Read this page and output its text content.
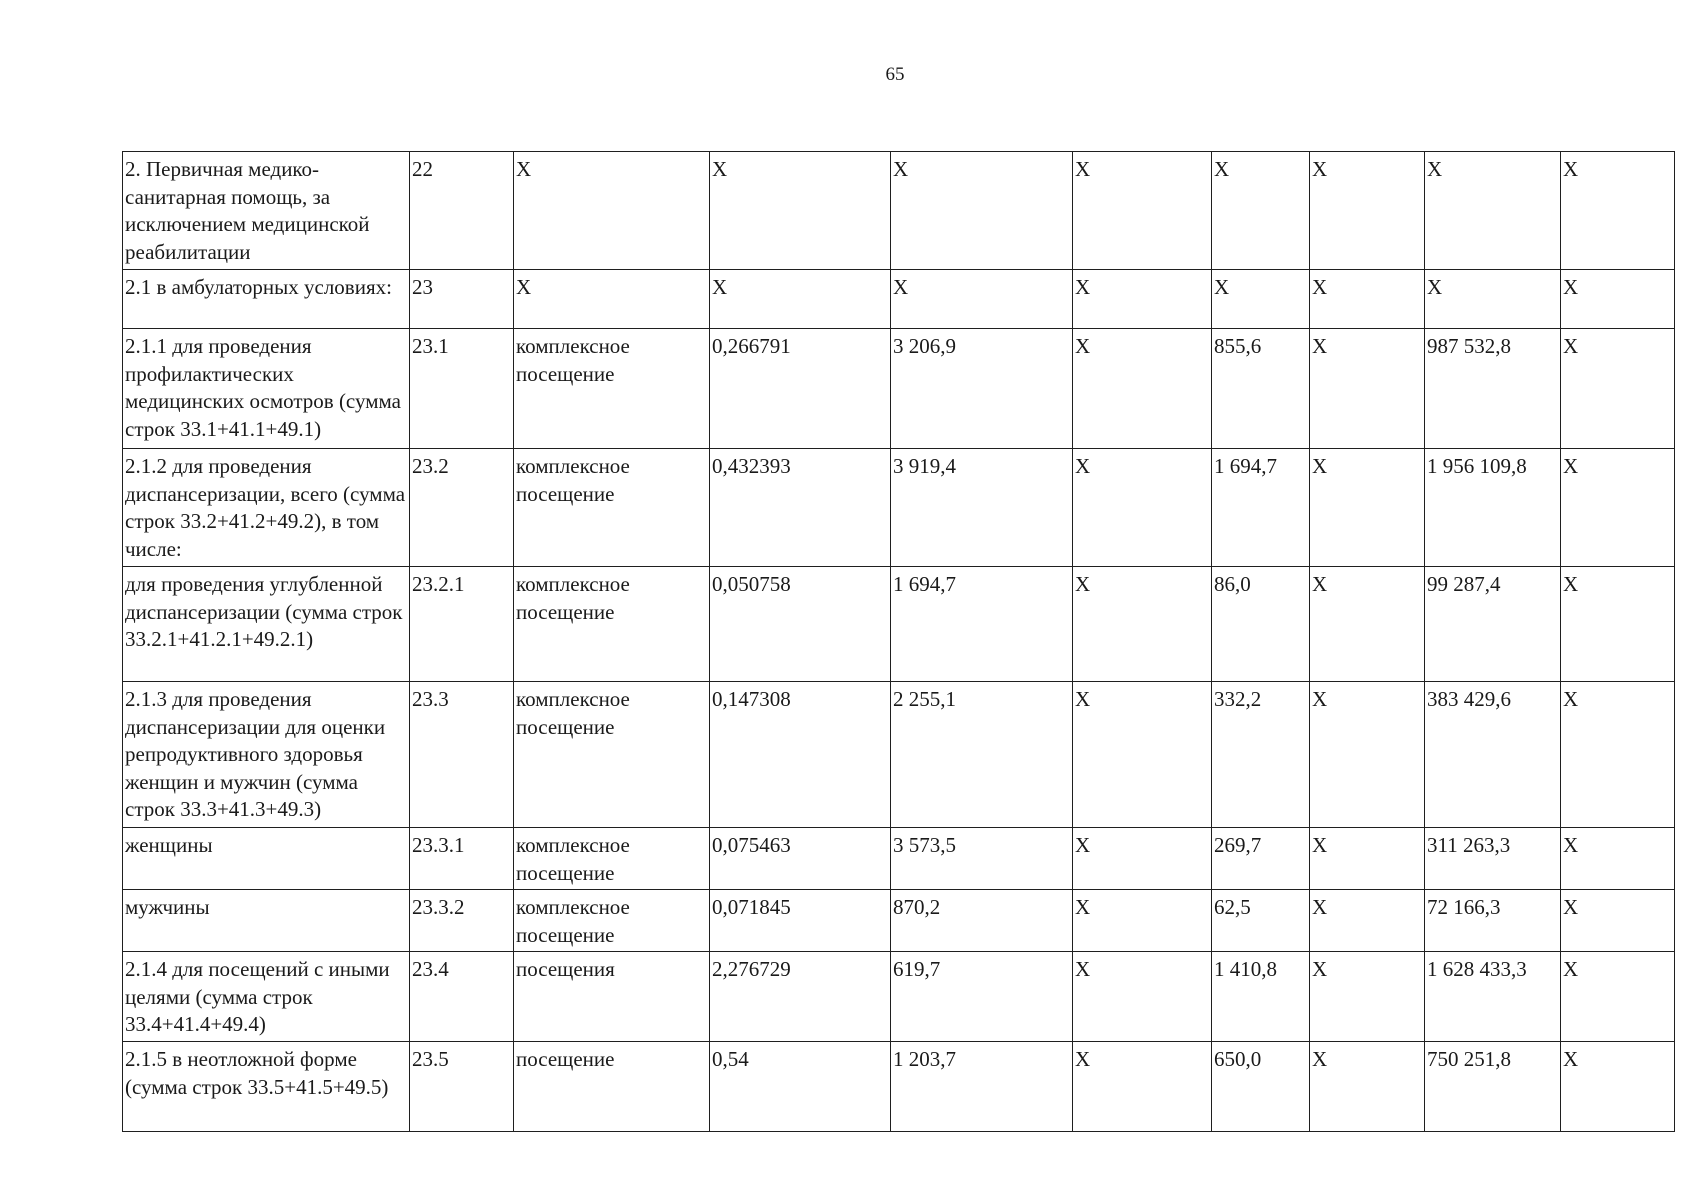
65
2. Первичная медико-санитарная помощь, за исключением медицинской реабилитации	22	X	X	X	X	X	X	X	X
2.1 в амбулаторных условиях:	23	X	X	X	X	X	X	X	X
2.1.1 для проведения профилактических медицинских осмотров (сумма строк 33.1+41.1+49.1)	23.1	комплексное посещение	0,266791	3 206,9	X	855,6	X	987 532,8	X
2.1.2 для проведения диспансеризации, всего (сумма строк 33.2+41.2+49.2), в том числе:	23.2	комплексное посещение	0,432393	3 919,4	X	1 694,7	X	1 956 109,8	X
для проведения углубленной диспансеризации (сумма строк 33.2.1+41.2.1+49.2.1)	23.2.1	комплексное посещение	0,050758	1 694,7	X	86,0	X	99 287,4	X
2.1.3 для проведения диспансеризации для оценки репродуктивного здоровья женщин и мужчин (сумма строк 33.3+41.3+49.3)	23.3	комплексное посещение	0,147308	2 255,1	X	332,2	X	383 429,6	X
женщины	23.3.1	комплексное посещение	0,075463	3 573,5	X	269,7	X	311 263,3	X
мужчины	23.3.2	комплексное посещение	0,071845	870,2	X	62,5	X	72 166,3	X
2.1.4 для посещений с иными целями (сумма строк 33.4+41.4+49.4)	23.4	посещения	2,276729	619,7	X	1 410,8	X	1 628 433,3	X
2.1.5 в неотложной форме (сумма строк 33.5+41.5+49.5)	23.5	посещение	0,54	1 203,7	X	650,0	X	750 251,8	X
